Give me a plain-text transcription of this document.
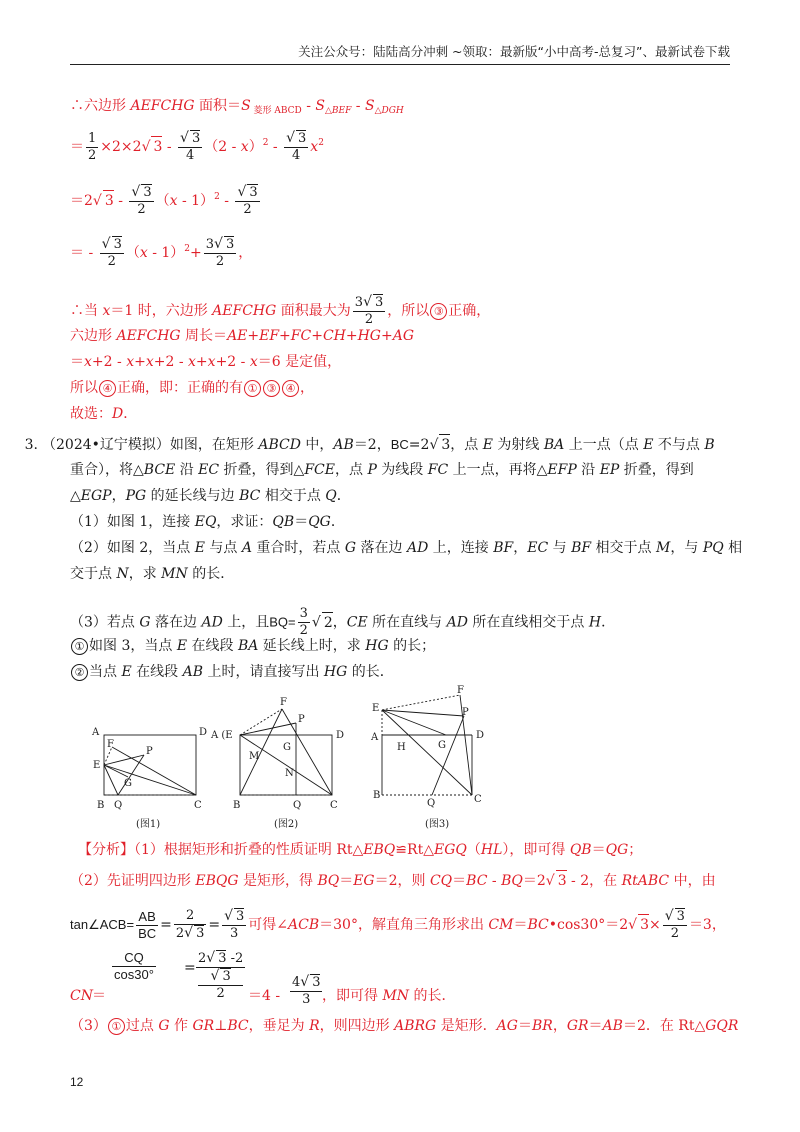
关注公众号：陆陆高分冲刺 ~领取：最新版“小中高考-总复习”、最新试卷下载
∴六边形 AEFCHG 面积＝S $_{菱形 ABCD} - S_{\triangle BEF} - S_{\triangle DGH}$
＝ $\frac{1}{2} \times 2\times 2√$ $3 - \frac{√ 3}{4} (2 - x)^2 - \frac{√ 3}{4} x^2$
＝2√ $3 - \frac{√ 3}{2} (x - 1)^2 - \frac{√ 3}{2}$
＝ - $\frac{√ 3}{2} (x - 1)^2+ \frac{3√ 3}{2}$ ，
∴当 x＝1 时，六边形 AEFCHG 面积最大为 $\frac{3√ 3}{2}$ ，所以 ③ 正确，
六边形 AEFCHG 周长＝AE+EF+FC+CH+HG+AG
＝x+2 - x+x+2 - x+x+2 - x＝6 是定值，
所以 ④ 正确，即：正确的有 ① ③ ④ ，
故选：D．
3. （2024•辽宁模拟）如图，在矩形 ABCD 中，AB＝2，BC=2√ 3，点 E 为射线 BA 上一点（点 E 不与点 B
重合），将△BCE 沿 EC 折叠，得到△FCE，点 P 为线段 FC 上一点，再将△EFP 沿 EP 折叠，得到
△EGP，PG 的延长线与边 BC 相交于点 Q．
（1）如图 1，连接 EQ，求证：QB＝QG．
（2）如图 2，当点 E 与点 A 重合时，若点 G 落在边 AD 上，连接 BF，EC 与 BF 相交于点 M，与 PQ 相
交于点 N，求 MN 的长．
（3）若点 G 落在边 AD 上，且$BQ= \frac{3}{2}$ √ 2，CE 所在直线与 AD 所在直线相交于点 H．
① 如图 3，当点 E 在线段 BA 延长线上时，求 HG 的长；
② 当点 E 在线段 AB 上时，请直接写出 HG 的长．
A	D
F
P
E
G
B Q	C
(图1)
A (E	D
F
P
G
M
N
B	Q	C
(图2)
F
E	P
A	D
H	G
B
Q	C
(图3)
【分析】（1）根据矩形和折叠的性质证明 Rt△EBQ≌Rt△EGQ（HL），即可得 QB＝QG；
（2）先证明四边形 EBQG 是矩形，得 BQ＝EG＝2，则 CQ＝BC - BQ＝2√ 3 - 2，在 RtABC 中，由
tan∠ACB= $\frac{AB}{BC} = \frac{2}{2√ 3} = \frac{√ 3}{3}$ 可得∠ACB＝30°，解直角三角形求出 CM＝BC•cos30°＝2√ $3\times \frac{√ 3}{2} =3$，
CN ＝
$\frac{CQ}{\cos 30^\circ} = 2√$ 3 -2
√ 3
$2 =4 - \frac{4√ 3}{3}$ ，即可得 MN 的长．
（3） ① 过点 G 作 GR⊥BC，垂足为 R，则四边形 ABRG 是矩形．AG＝BR，GR＝AB＝2．在 Rt△GQR
12
